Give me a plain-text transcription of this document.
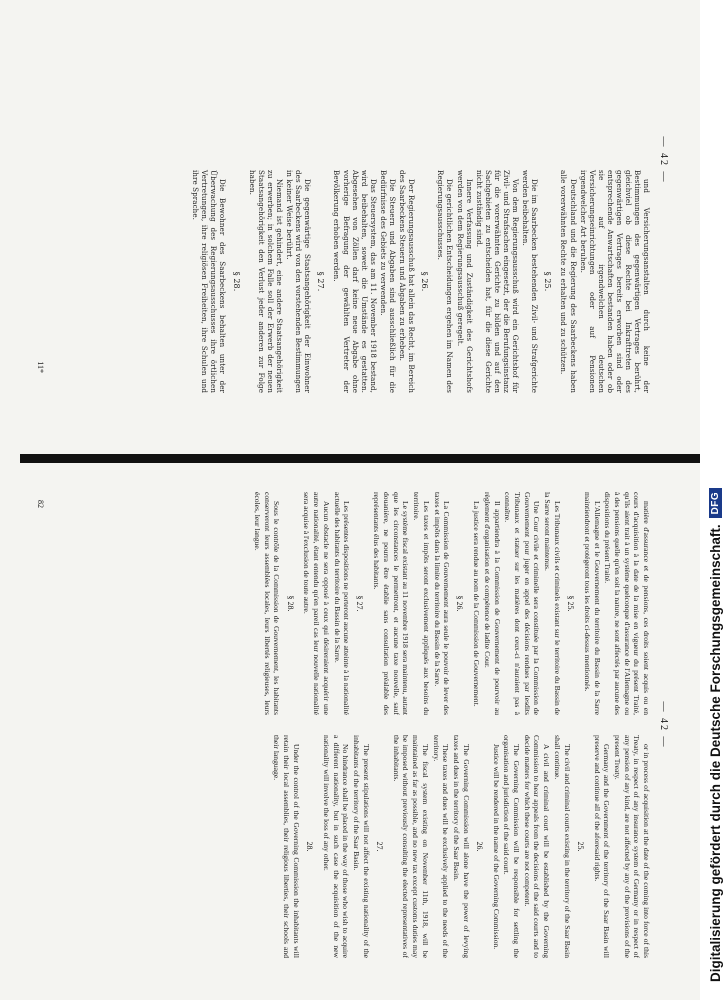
— 42 —

und Versicherungsanstalten durch keine der Bestimmungen des gegenwärtigen Vertrages berührt, gleichviel ob diese Rechte bei Inkrafttreten des gegenwärtigen Vertrages bereits erworben sind oder entsprechende Anwartschaften bestanden haben oder ob sie auf irgendwelchen deutschen Versicherungseinrichtungen oder auf Pensionen irgendwelcher Art beruhen.

Deutschland und die Regierung des Saarbeckens haben alle vorerwähnten Rechte zu erhalten und zu schützen.

§ 25.

Die im Saarbecken bestehenden Zivil- und Strafgerichte werden beibehalten.

Von dem Regierungsausschuß wird ein Gerichtshof für Zivil- und Strafsachen eingesetzt, der die Berufungsinstanz für die vorerwähnten Gerichte zu bilden und auf den Sachgebieten zu entscheiden hat, für die diese Gerichte nicht zuständig sind.

Innere Verfassung und Zuständigkeit des Gerichtshofs werden von dem Regierungsausschuß geregelt.

Die gerichtlichen Entscheidungen ergehen im Namen des Regierungsausschusses.

§ 26.

Der Regierungsausschuß hat allein das Recht, im Bereich des Saarbeckens Steuern und Abgaben zu erheben.

Die Steuern und Abgaben sind ausschließlich für die Bedürfnisse des Gebiets zu verwenden.

Das Steuersystem, das am 11. November 1918 bestand, wird beibehalten, soweit die Umstände es gestatten. Abgesehen von Zöllen darf keine neue Abgabe ohne vorherige Befragung der gewählten Vertreter der Bevölkerung erhoben werden.

§ 27.

Die gegenwärtige Staatsangehörigkeit der Einwohner des Saarbeckens wird von den vorstehenden Bestimmungen in keiner Weise berührt.

Niemand ist gehindert, eine andere Staatsangehörigkeit zu erwerben; in solchem Falle soll der Erwerb der neuen Staatsangehörigkeit den Verlust jeder anderen zur Folge haben.

§ 28.

Die Bewohner des Saarbeckens behalten unter der Überwachung des Regierungsausschusses ihre örtlichen Vertretungen, ihre religiösen Freiheiten, ihre Schulen und ihre Sprache.

11*
— 42 —

matière d'assurance et de pensions, ces droits soient acquis ou en cours d'acquisition à la date de la mise en vigueur du présent Traité, qu'ils aient trait à un système quelconque d'assurance de l'Allemagne ou à des pensions quelle qu'en soit la nature, ne sont affectés par aucune des dispositions du présent Traité.

L'Allemagne et le Gouvernement du territoire du Bassin de la Sarre maintiendront et protégeront tous les droits ci-dessus mentionnés.

§ 25.

Les Tribunaux civils et criminels existant sur le territoire du Bassin de la Sarre seront maintenus.

Une Cour civile et criminelle sera constituée par la Commission de Gouvernement pour juger en appel des décisions rendues par lesdits Tribunaux et statuer sur les matières dont ceux-ci n'auraient pas à connaître.

Il appartiendra à la Commission de Gouvernement de pourvoir au règlement d'organisation et de compétence de ladite Cour.

La justice sera rendue au nom de la Commission de Gouvernement.

§ 26.

La Commission de Gouvernement aura seule le pouvoir de lever des taxes et impôts dans la limite du territoire du Bassin de la Sarre.

Les taxes et impôts seront exclusivement appliqués aux besoins du territoire.

Le système fiscal existant au 11 novembre 1918 sera maintenu, autant que les circonstances le permettront, et aucune taxe nouvelle, sauf douanière, ne pourra être établie sans consultation préalable des représentants élus des habitants.

§ 27.

Les présentes dispositions ne porteront aucune atteinte à la nationalité actuelle des habitants du territoire du Bassin de la Sarre.

Aucun obstacle ne sera opposé à ceux qui désireraient acquérir une autre nationalité, étant entendu qu'en pareil cas leur nouvelle nationalité sera acquise à l'exclusion de toute autre.

§ 28.

Sous le contrôle de la Commission de Gouvernement, les habitants conserveront leurs assemblées locales, leurs libertés religieuses, leurs écoles, leur langue.

or in process of acquisition at the date of the coming into force of this Treaty, in respect of any insurance system of Germany or in respect of any pension of any kind, are not affected by any of the provisions of the present Treaty.

Germany and the Government of the territory of the Saar Basin will preserve and continue all of the aforesaid rights.

25.

The civil and criminal courts existing in the territory of the Saar Basin shall continue.

A civil and criminal court will be established by the Governing Commission to hear appeals from the decisions of the said courts and to decide matters for which these courts are not competent.

The Governing Commission will be responsible for settling the organisation and jurisdiction of the said court.

Justice will be rendered in the name of the Governing Commission.

26.

The Governing Commission will alone have the power of levying taxes and dues in the territory of the Saar Basin.

These taxes and dues will be exclusively applied to the needs of the territory.

The fiscal system existing on November 11th, 1918, will be maintained as far as possible, and no new tax except customs duties may be imposed without previously consulting the elected representatives of the inhabitants.

27.

The present stipulations will not affect the existing nationality of the inhabitants of the territory of the Saar Basin.

No hindrance shall be placed in the way of those who wish to acquire a different nationality, but in such case the acquisition of the new nationality will involve the loss of any other.

28.

Under the control of the Governing Commission the inhabitants will retain their local assemblies, their religious liberties, their schools and their language.

82
Digitalisierung gefördert durch die Deutsche Forschungsgemeinschaft.
DFG
